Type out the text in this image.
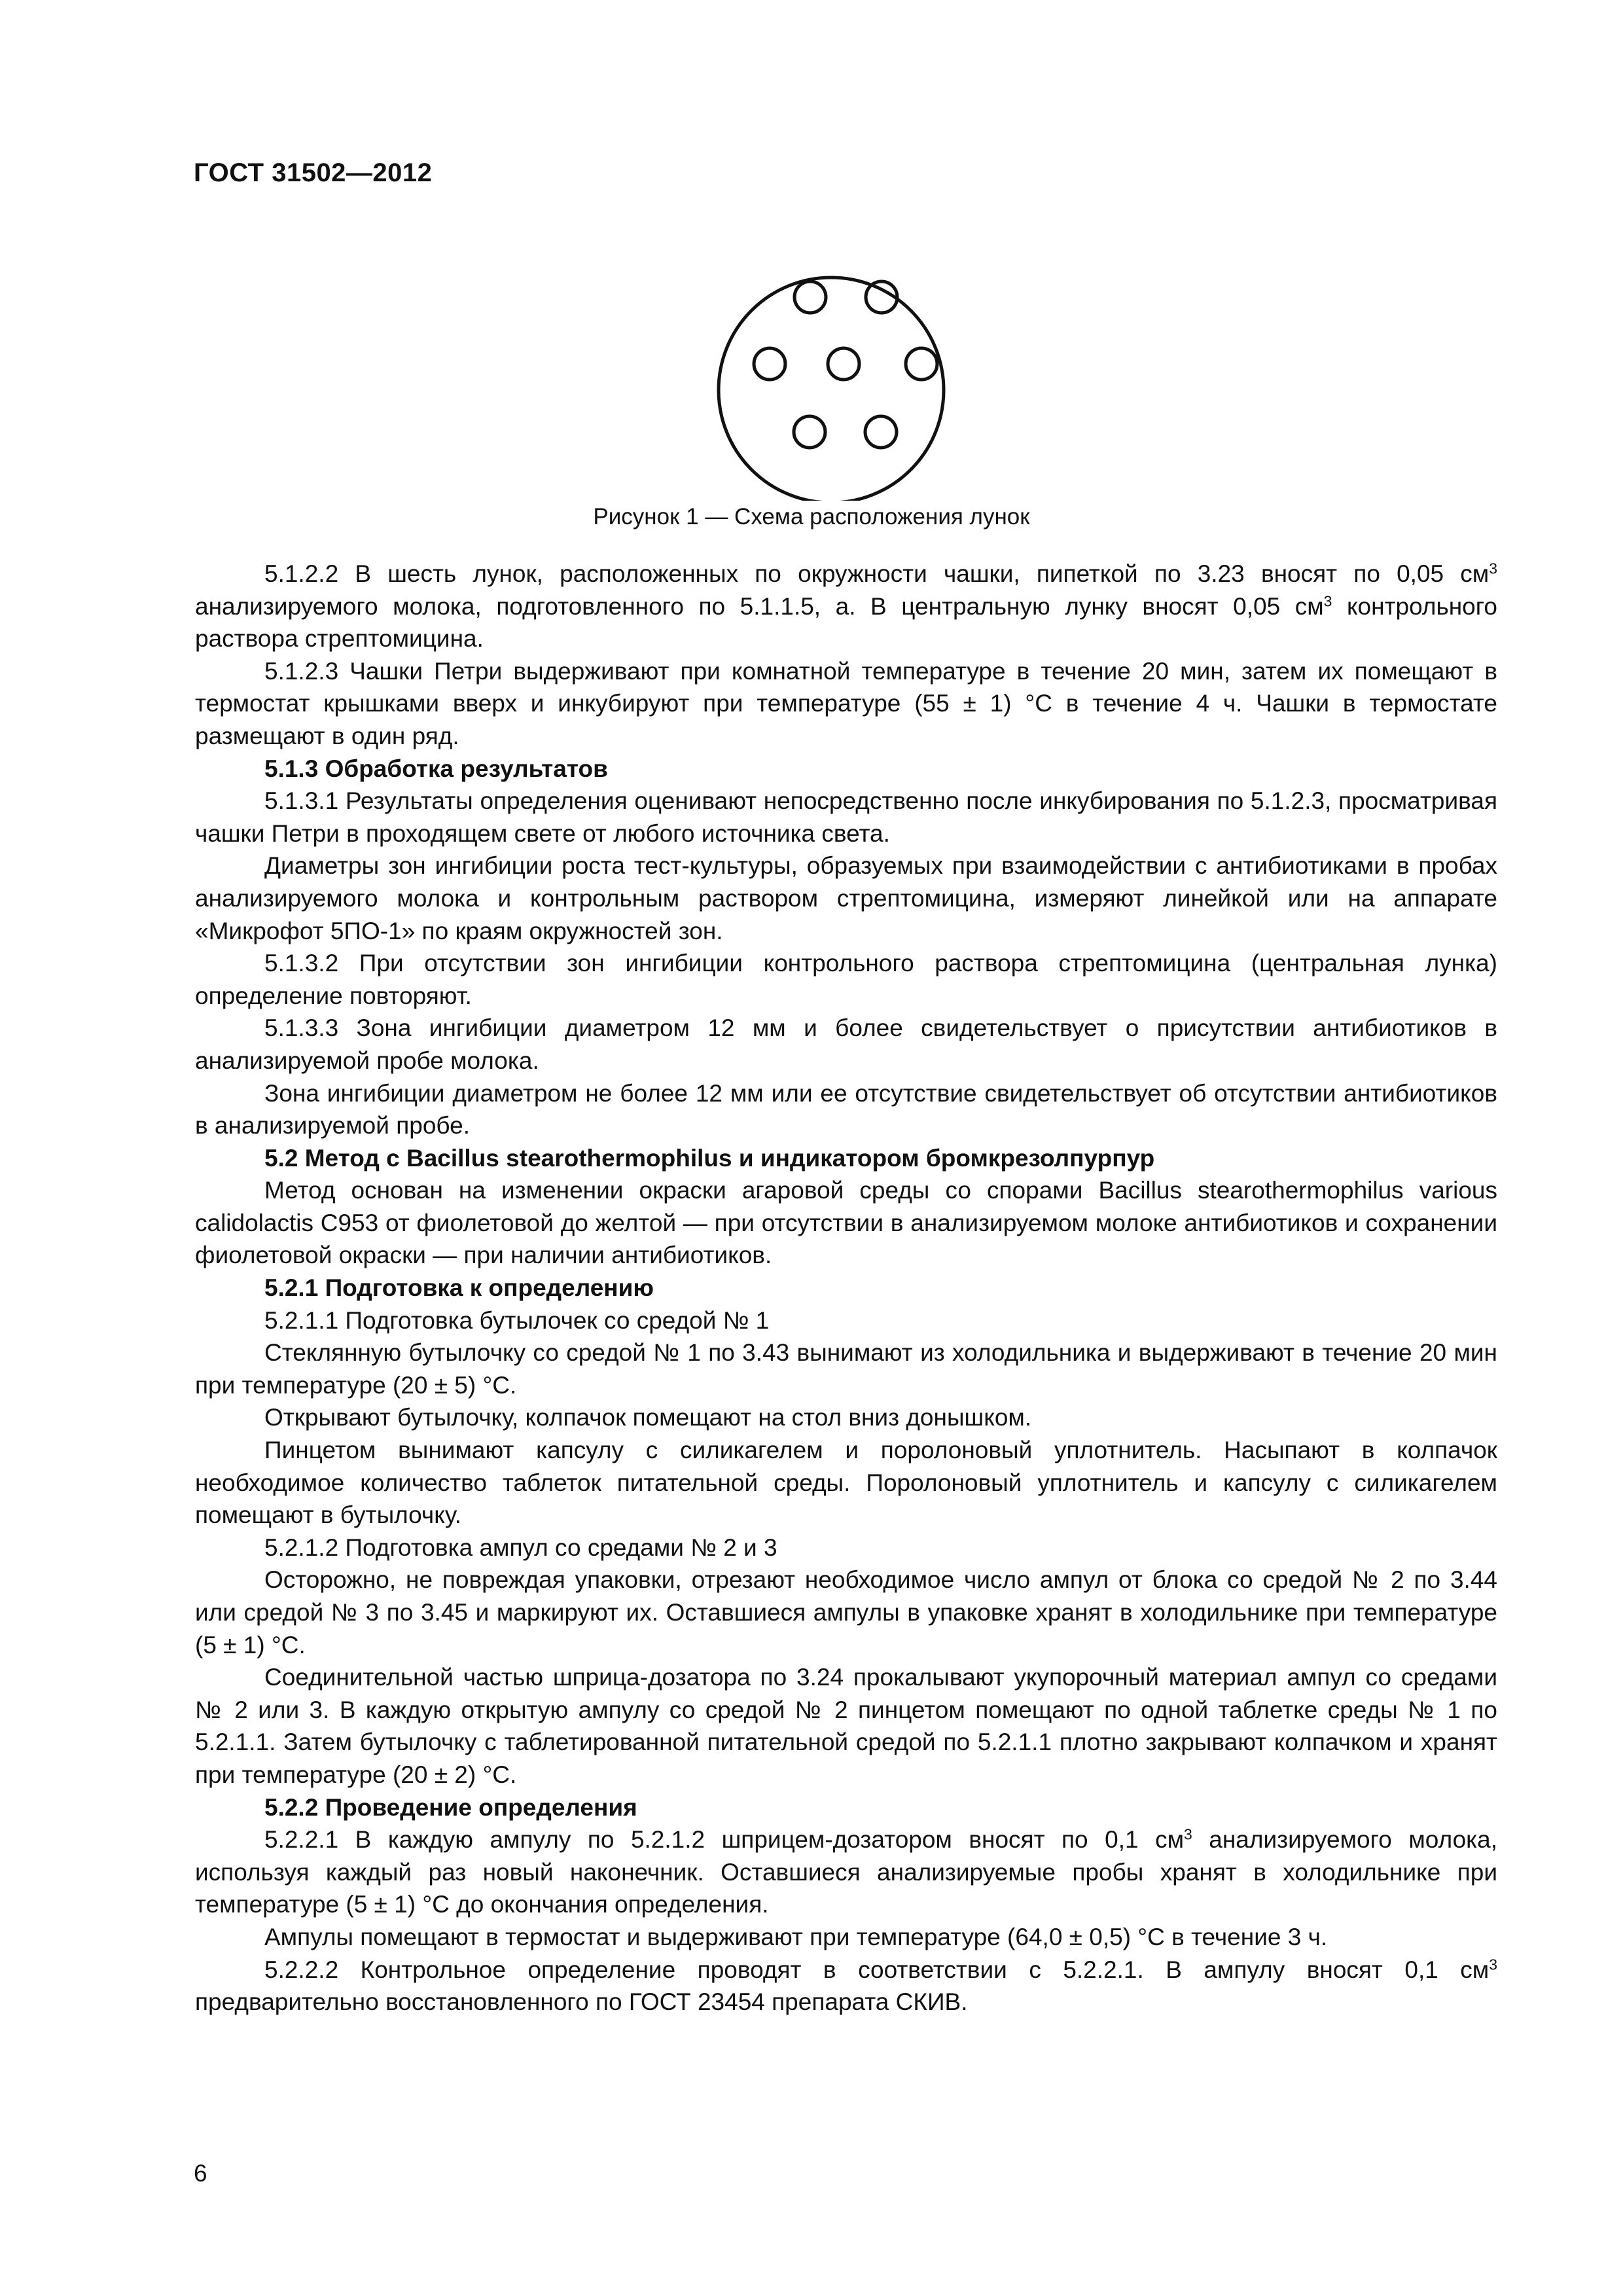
ГОСТ 31502—2012
Рисунок 1 — Схема расположения лунок

5.1.2.2 В шесть лунок, расположенных по окружности чашки, пипеткой по 3.23 вносят по 0,05 $см^3$ анализируемого молока, подготовленного по 5.1.1.5, а. В центральную лунку вносят 0,05 $см^3$ контрольного раствора стрептомицина.

5.1.2.3 Чашки Петри выдерживают при комнатной температуре в течение 20 мин, затем их помещают в термостат крышками вверх и инкубируют при температуре (55 ± 1) °С в течение 4 ч. Чашки в термостате размещают в один ряд.

5.1.3 Обработка результатов

5.1.3.1 Результаты определения оценивают непосредственно после инкубирования по 5.1.2.3, просматривая чашки Петри в проходящем свете от любого источника света.

Диаметры зон ингибиции роста тест-культуры, образуемых при взаимодействии с антибиотиками в пробах анализируемого молока и контрольным раствором стрептомицина, измеряют линейкой или на аппарате «Микрофот 5ПО-1» по краям окружностей зон.

5.1.3.2 При отсутствии зон ингибиции контрольного раствора стрептомицина (центральная лунка) определение повторяют.

5.1.3.3 Зона ингибиции диаметром 12 мм и более свидетельствует о присутствии антибиотиков в анализируемой пробе молока.

Зона ингибиции диаметром не более 12 мм или ее отсутствие свидетельствует об отсутствии антибиотиков в анализируемой пробе.

5.2 Метод с Bacillus stearothermophilus и индикатором бромкрезолпурпур

Метод основан на изменении окраски агаровой среды со спорами Bacillus stearothermophilus various calidolactis С953 от фиолетовой до желтой — при отсутствии в анализируемом молоке антибиотиков и сохранении фиолетовой окраски — при наличии антибиотиков.

5.2.1 Подготовка к определению

5.2.1.1 Подготовка бутылочек со средой № 1

Стеклянную бутылочку со средой № 1 по 3.43 вынимают из холодильника и выдерживают в течение 20 мин при температуре (20 ± 5) °С.

Открывают бутылочку, колпачок помещают на стол вниз донышком.

Пинцетом вынимают капсулу с силикагелем и поролоновый уплотнитель. Насыпают в колпачок необходимое количество таблеток питательной среды. Поролоновый уплотнитель и капсулу с силикагелем помещают в бутылочку.

5.2.1.2 Подготовка ампул со средами № 2 и 3

Осторожно, не повреждая упаковки, отрезают необходимое число ампул от блока со средой № 2 по 3.44 или средой № 3 по 3.45 и маркируют их. Оставшиеся ампулы в упаковке хранят в холодильнике при температуре (5 ± 1) °С.

Соединительной частью шприца-дозатора по 3.24 прокалывают укупорочный материал ампул со средами № 2 или 3. В каждую открытую ампулу со средой № 2 пинцетом помещают по одной таблетке среды № 1 по 5.2.1.1. Затем бутылочку с таблетированной питательной средой по 5.2.1.1 плотно закрывают колпачком и хранят при температуре (20 ± 2) °С.

5.2.2 Проведение определения

5.2.2.1 В каждую ампулу по 5.2.1.2 шприцем-дозатором вносят по 0,1 $см^3$ анализируемого молока, используя каждый раз новый наконечник. Оставшиеся анализируемые пробы хранят в холодильнике при температуре (5 ± 1) °С до окончания определения.

Ампулы помещают в термостат и выдерживают при температуре (64,0 ± 0,5) °С в течение 3 ч.

5.2.2.2 Контрольное определение проводят в соответствии с 5.2.2.1. В ампулу вносят 0,1 $см^3$ предварительно восстановленного по ГОСТ 23454 препарата СКИВ.

6
